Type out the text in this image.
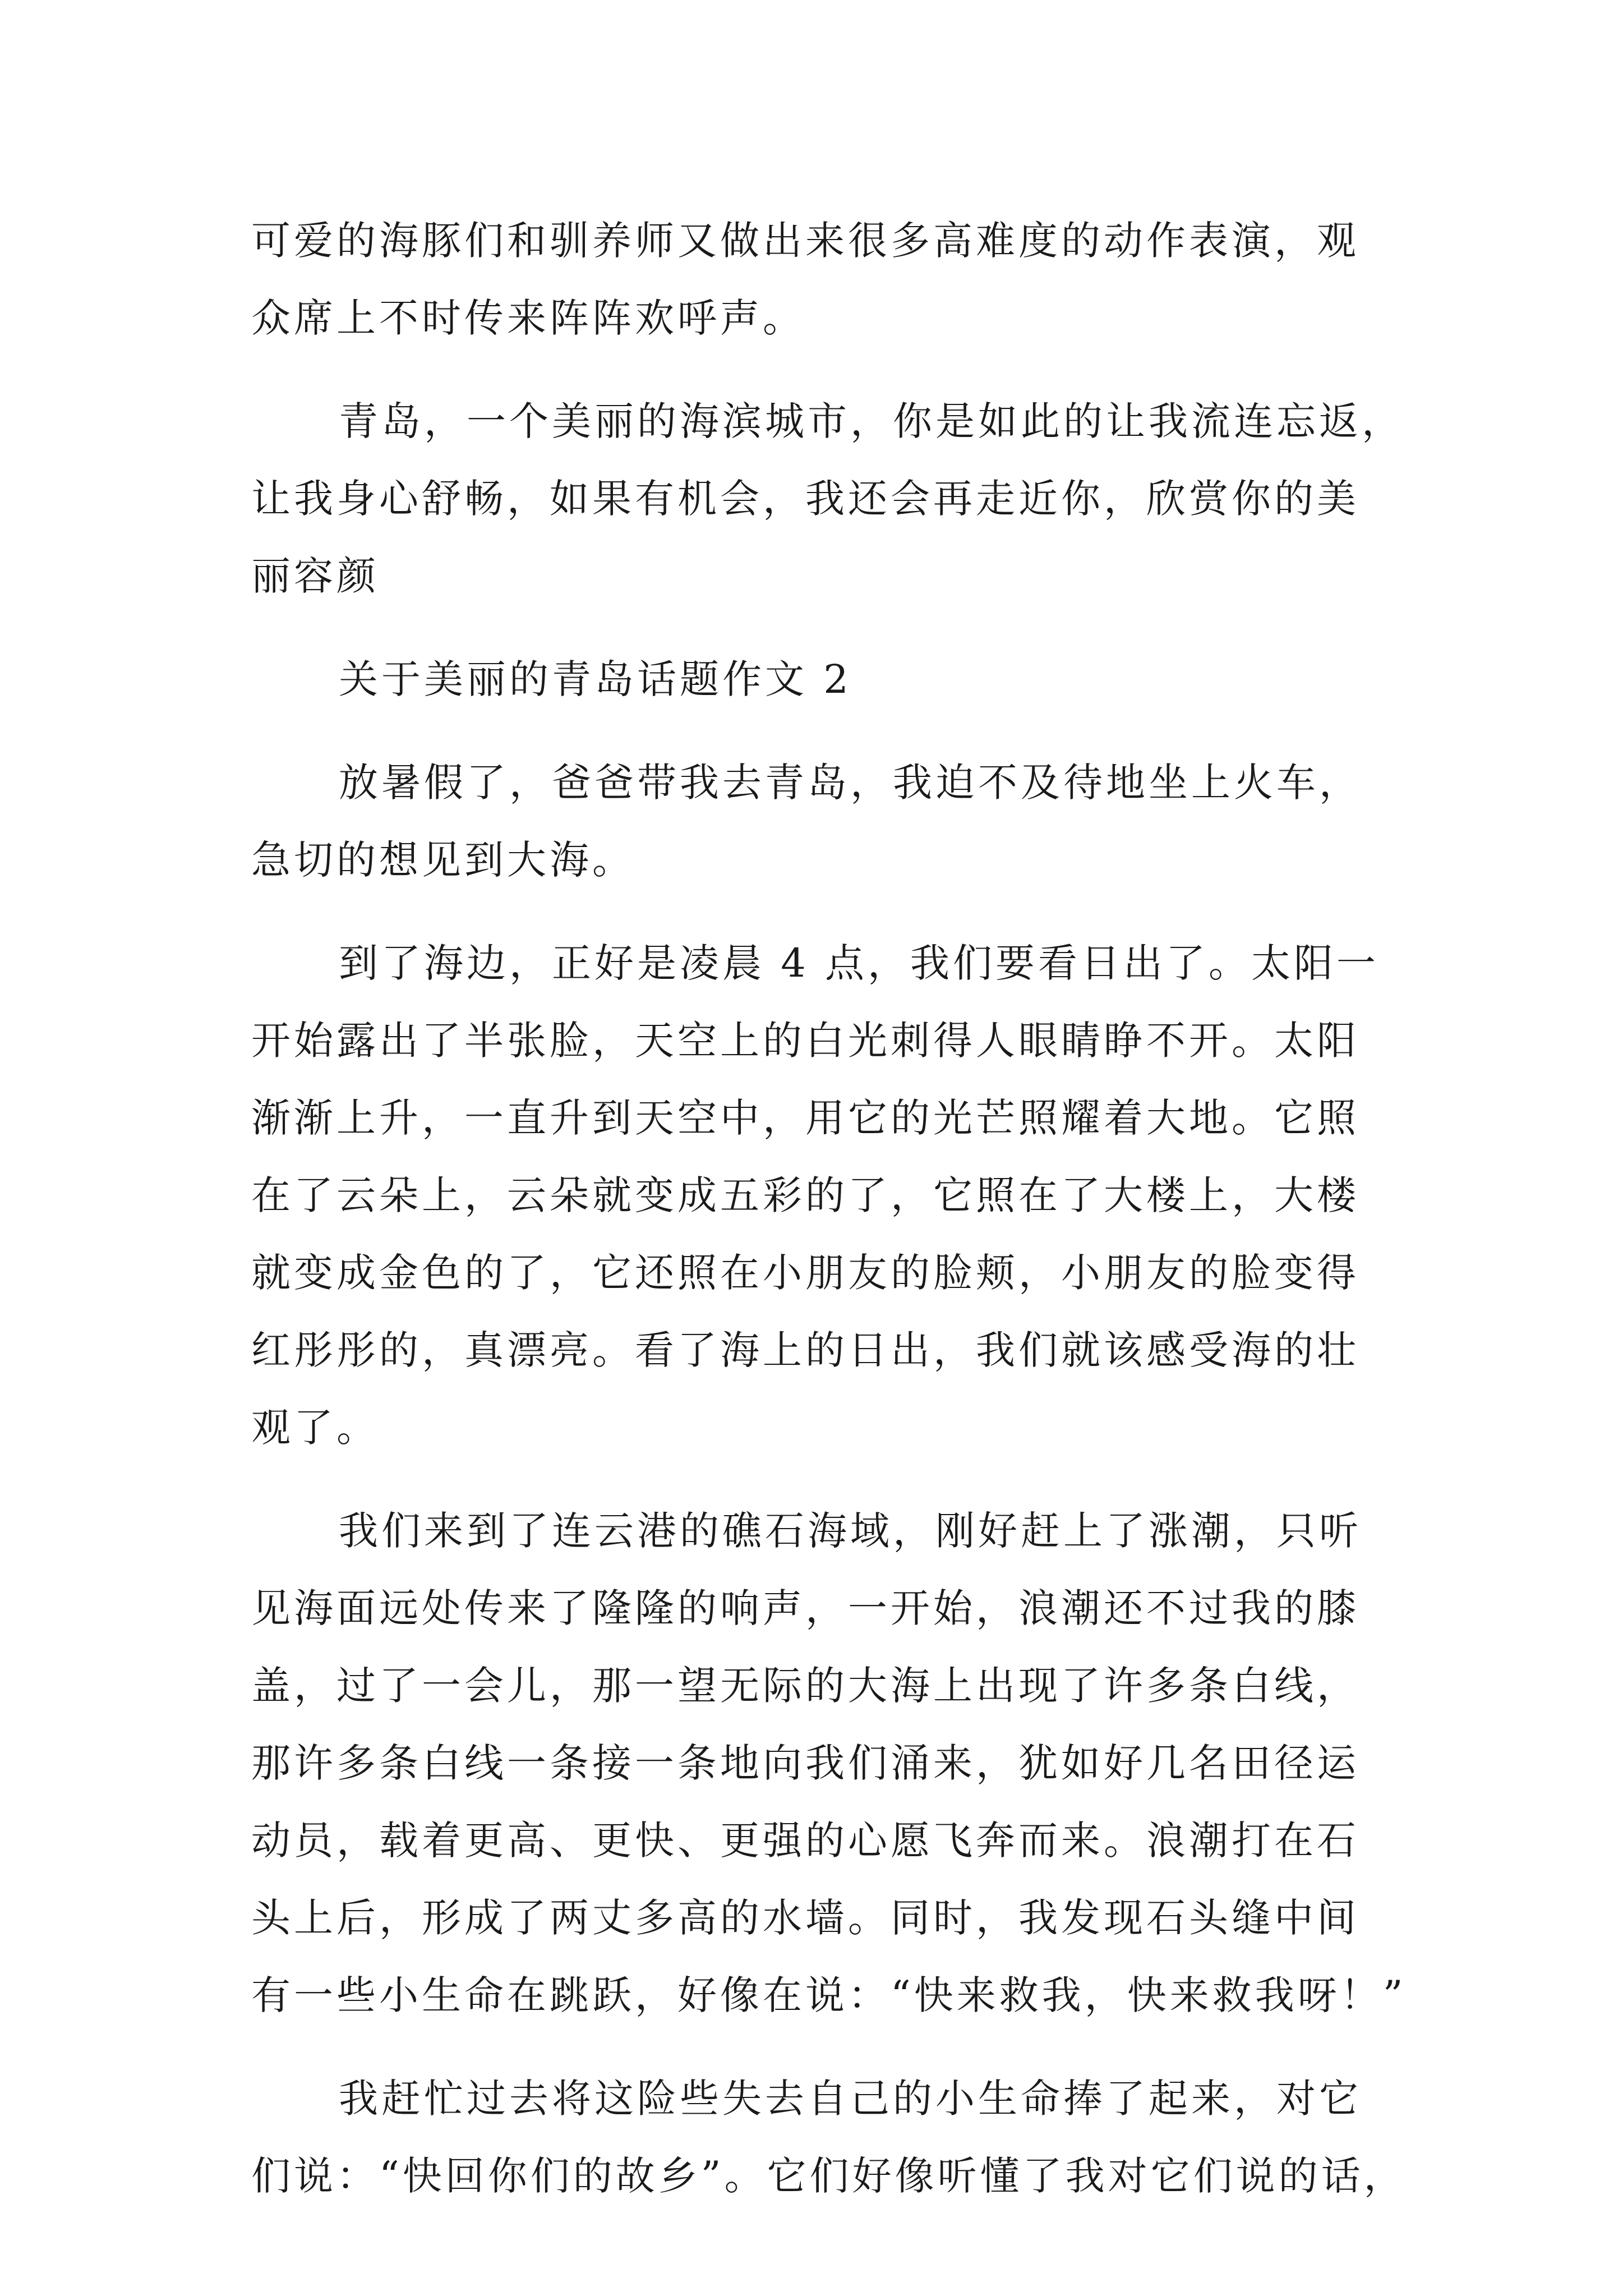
可爱的海豚们和驯养师又做出来很多高难度的动作表演，观
众席上不时传来阵阵欢呼声。
青岛，一个美丽的海滨城市，你是如此的让我流连忘返，
让我身心舒畅，如果有机会，我还会再走近你，欣赏你的美
丽容颜
关于美丽的青岛话题作文 2
放暑假了，爸爸带我去青岛，我迫不及待地坐上火车，
急切的想见到大海。
到了海边，正好是凌晨 4 点，我们要看日出了。太阳一
开始露出了半张脸，天空上的白光刺得人眼睛睁不开。太阳
渐渐上升，一直升到天空中，用它的光芒照耀着大地。它照
在了云朵上，云朵就变成五彩的了，它照在了大楼上，大楼
就变成金色的了，它还照在小朋友的脸颊，小朋友的脸变得
红彤彤的，真漂亮。看了海上的日出，我们就该感受海的壮
观了。
我们来到了连云港的礁石海域，刚好赶上了涨潮，只听
见海面远处传来了隆隆的响声，一开始，浪潮还不过我的膝
盖，过了一会儿，那一望无际的大海上出现了许多条白线，
那许多条白线一条接一条地向我们涌来，犹如好几名田径运
动员，载着更高、更快、更强的心愿飞奔而来。浪潮打在石
头上后，形成了两丈多高的水墙。同时，我发现石头缝中间
有一些小生命在跳跃，好像在说：“快来救我，快来救我呀！”
我赶忙过去将这险些失去自己的小生命捧了起来，对它
们说：“快回你们的故乡”。它们好像听懂了我对它们说的话，
